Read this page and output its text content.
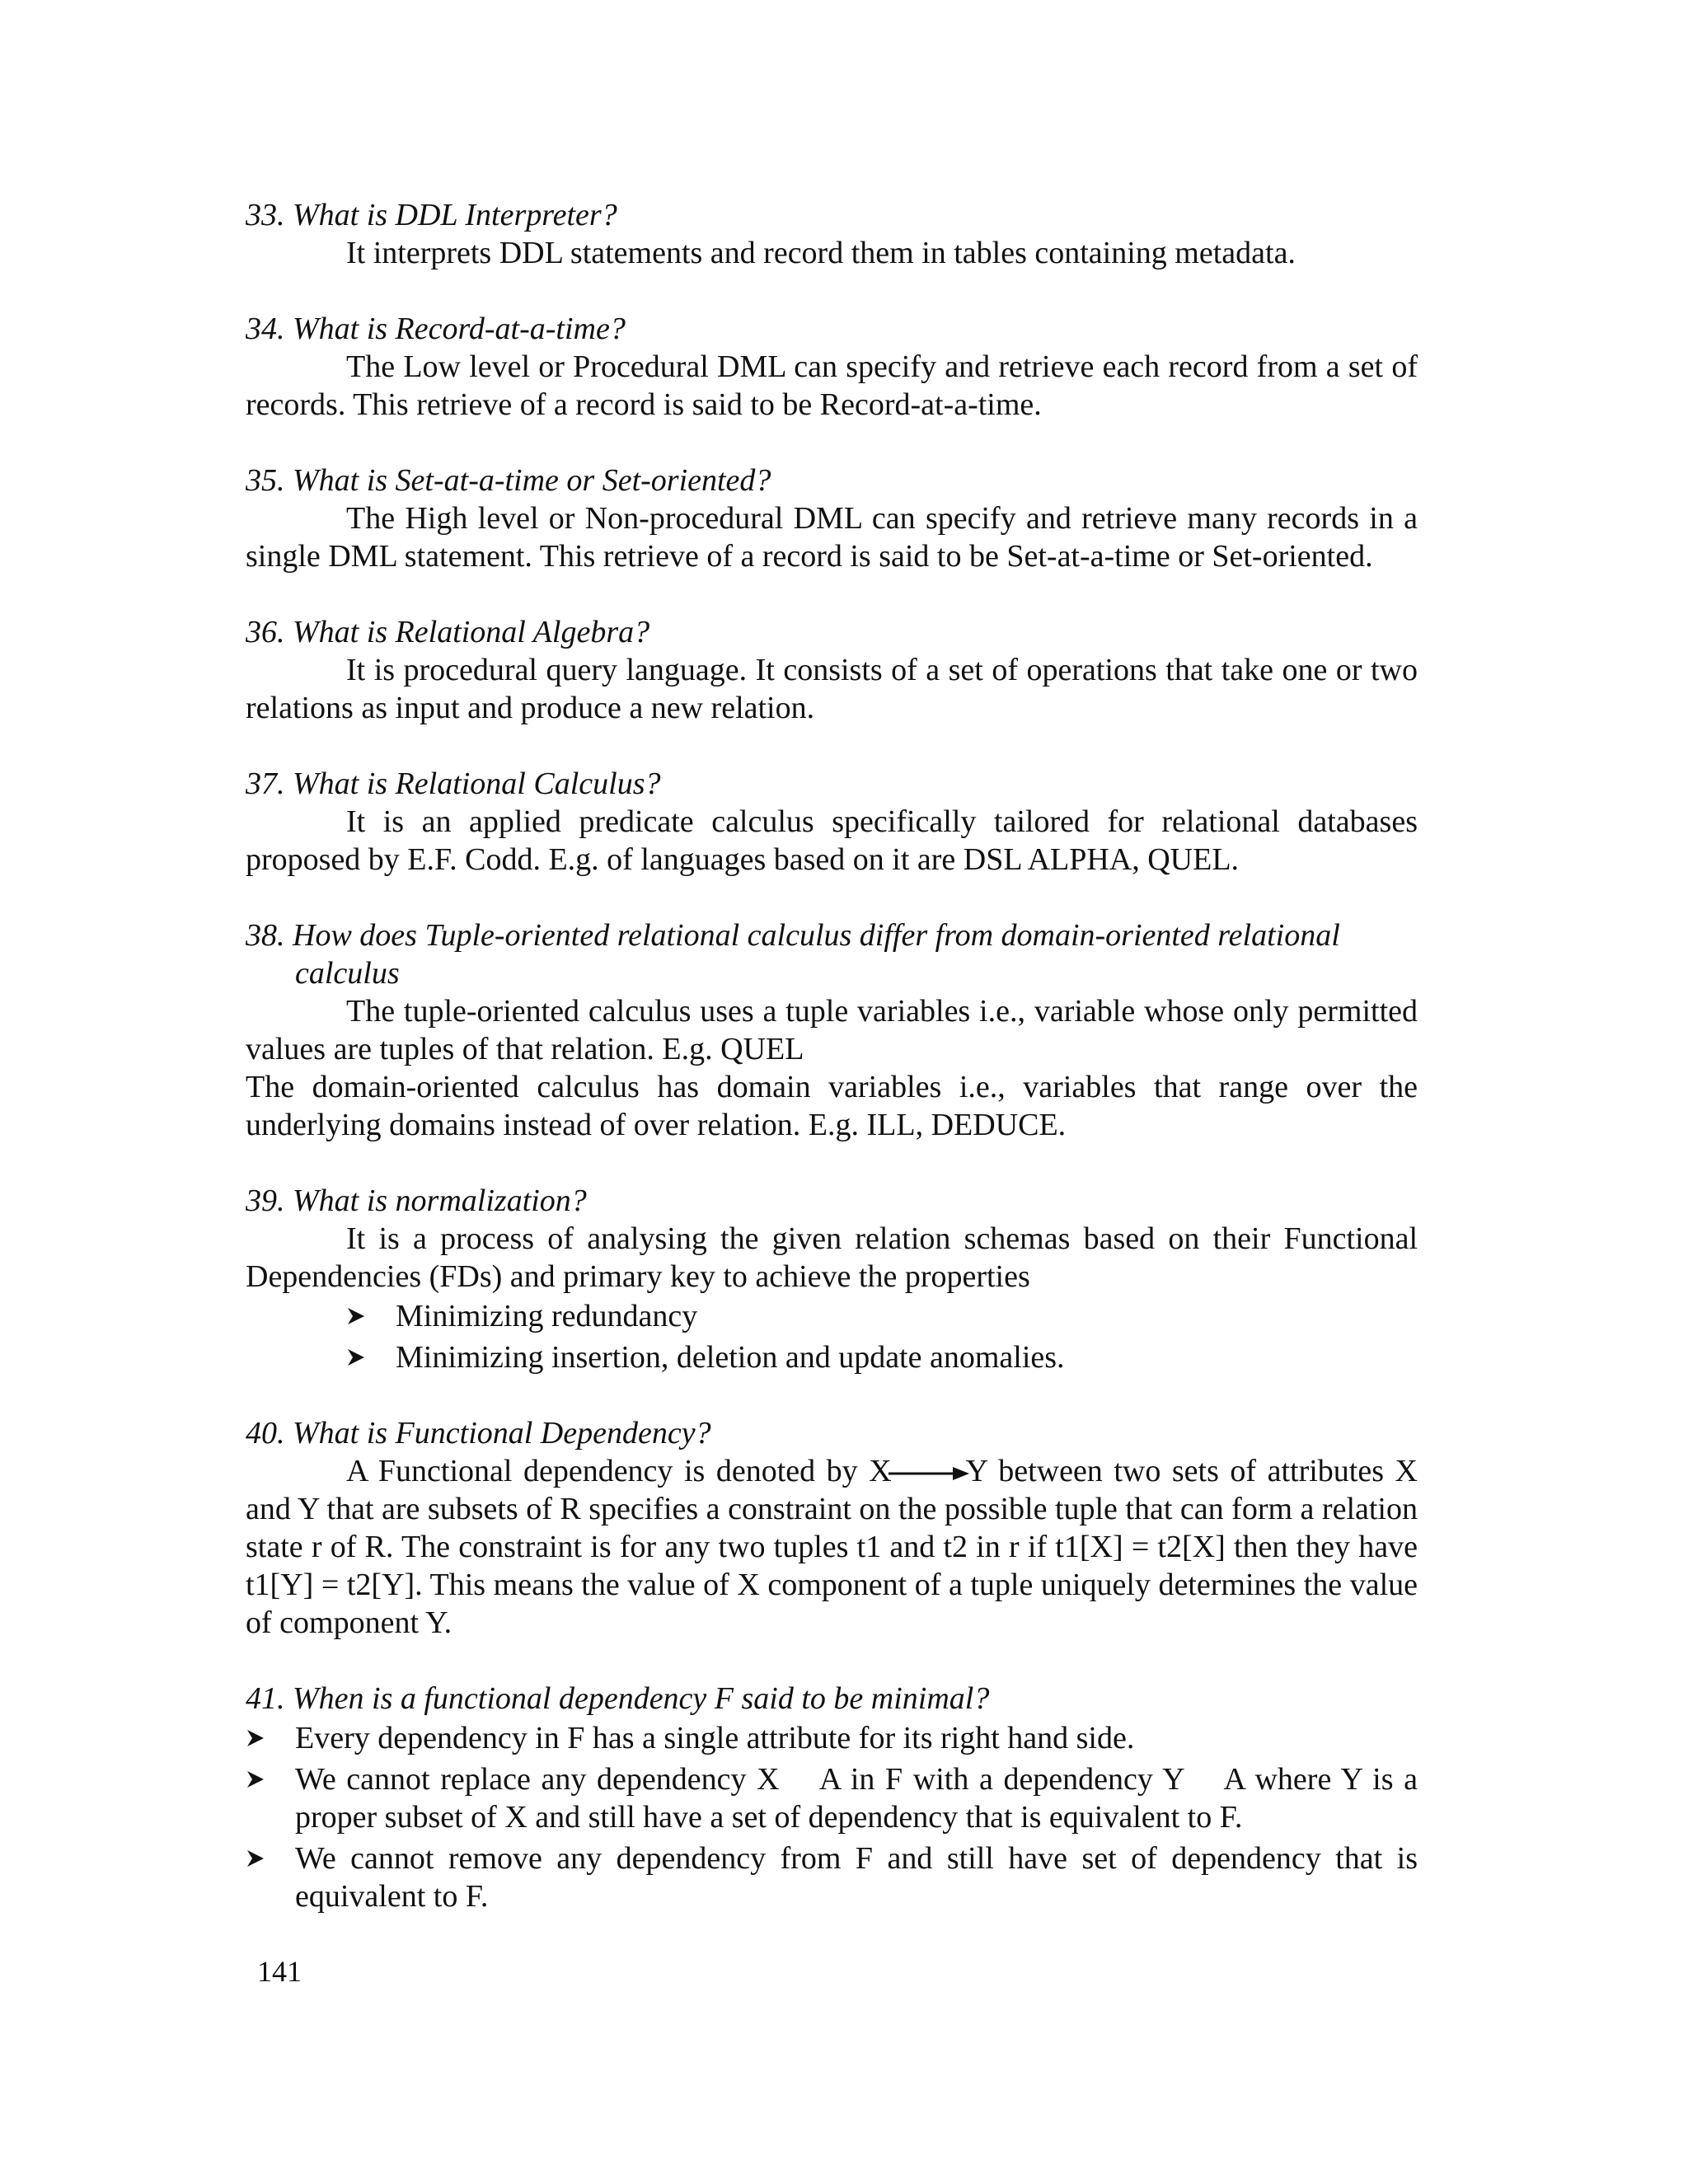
33. What is DDL Interpreter?

It interprets DDL statements and record them in tables containing metadata.

34. What is Record-at-a-time?

The Low level or Procedural DML can specify and retrieve each record from a set of records. This retrieve of a record is said to be Record-at-a-time.

35. What is Set-at-a-time or Set-oriented?

The High level or Non-procedural DML can specify and retrieve many records in a single DML statement. This retrieve of a record is said to be Set-at-a-time or Set-oriented.

36. What is Relational Algebra?

It is procedural query language. It consists of a set of operations that take one or two relations as input and produce a new relation.

37. What is Relational Calculus?

It is an applied predicate calculus specifically tailored for relational databases proposed by E.F. Codd. E.g. of languages based on it are DSL ALPHA, QUEL.

38. How does Tuple-oriented relational calculus differ from domain-oriented relational calculus

The tuple-oriented calculus uses a tuple variables i.e., variable whose only permitted values are tuples of that relation. E.g. QUEL

The domain-oriented calculus has domain variables i.e., variables that range over the underlying domains instead of over relation. E.g. ILL, DEDUCE.

39. What is normalization?

It is a process of analysing the given relation schemas based on their Functional Dependencies (FDs) and primary key to achieve the properties

Minimizing redundancy
Minimizing insertion, deletion and update anomalies.

40. What is Functional Dependency?

A Functional dependency is denoted by X Y between two sets of attributes X and Y that are subsets of R specifies a constraint on the possible tuple that can form a relation state r of R. The constraint is for any two tuples t1 and t2 in r if t1[X] = t2[X] then they have t1[Y] = t2[Y]. This means the value of X component of a tuple uniquely determines the value of component Y.

41. When is a functional dependency F said to be minimal?

Every dependency in F has a single attribute for its right hand side.
We cannot replace any dependency X    A in F with a dependency Y    A where Y is a proper subset of X and still have a set of dependency that is equivalent to F.
We cannot remove any dependency from F and still have set of dependency that is equivalent to F.
141
